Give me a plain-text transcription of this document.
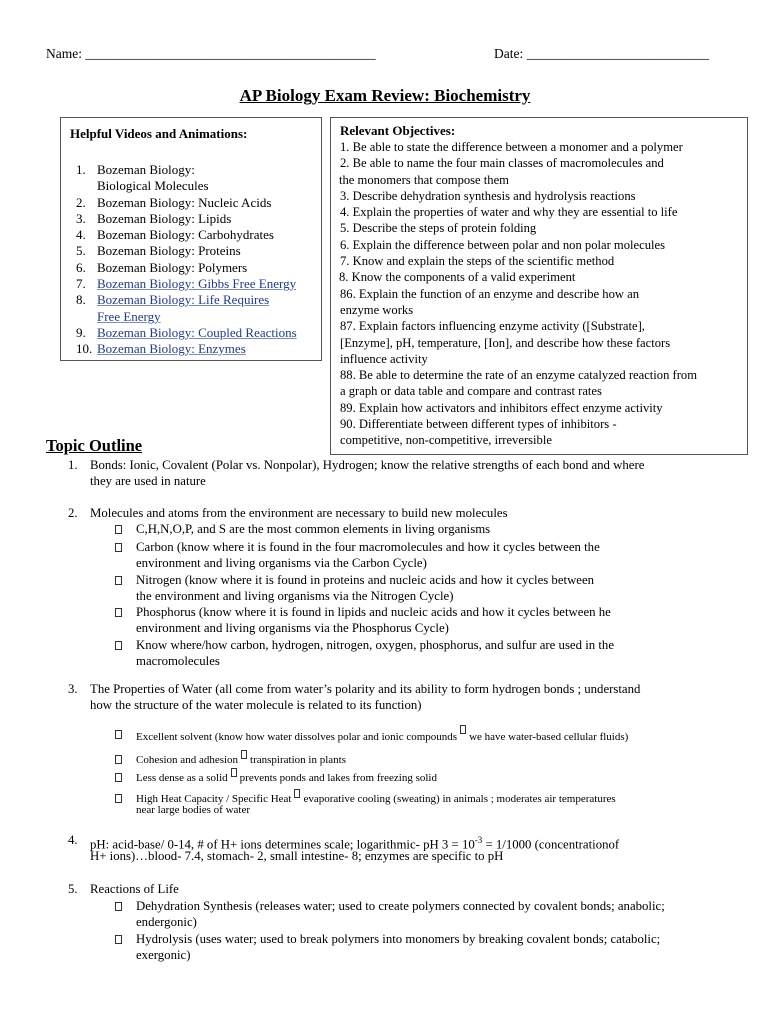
Name: ___________________________________________	Date: ___________________________
AP Biology Exam Review: Biochemistry
Helpful Videos and Animations:
1. Bozeman Biology:
Biological Molecules
2. Bozeman Biology: Nucleic Acids
3. Bozeman Biology: Lipids
4. Bozeman Biology: Carbohydrates
5. Bozeman Biology: Proteins
6. Bozeman Biology: Polymers
7. Bozeman Biology: Gibbs Free Energy
8. Bozeman Biology: Life Requires
Free Energy
9. Bozeman Biology: Coupled Reactions
10. Bozeman Biology: Enzymes
Relevant Objectives:
1. Be able to state the difference between a monomer and a polymer
2. Be able to name the four main classes of macromolecules and
the monomers that compose them
3. Describe dehydration synthesis and hydrolysis reactions
4. Explain the properties of water and why they are essential to life
5. Describe the steps of protein folding
6. Explain the difference between polar and non polar molecules
7. Know and explain the steps of the scientific method
8. Know the components of a valid experiment
86. Explain the function of an enzyme and describe how an
enzyme works
87. Explain factors influencing enzyme activity ([Substrate],
[Enzyme], pH, temperature, [Ion], and describe how these factors
influence activity
88. Be able to determine the rate of an enzyme catalyzed reaction from
a graph or data table and compare and contrast rates
89. Explain how activators and inhibitors effect enzyme activity
90. Differentiate between different types of inhibitors -
competitive, non-competitive, irreversible
Topic Outline
1. Bonds: Ionic, Covalent (Polar vs. Nonpolar), Hydrogen; know the relative strengths of each bond and where
they are used in nature
2. Molecules and atoms from the environment are necessary to build new molecules
C,H,N,O,P, and S are the most common elements in living organisms
Carbon (know where it is found in the four macromolecules and how it cycles between the
environment and living organisms via the Carbon Cycle)
Nitrogen (know where it is found in proteins and nucleic acids and how it cycles between
the environment and living organisms via the Nitrogen Cycle)
Phosphorus (know where it is found in lipids and nucleic acids and how it cycles between he
environment and living organisms via the Phosphorus Cycle)
Know where/how carbon, hydrogen, nitrogen, oxygen, phosphorus, and sulfur are used in the
macromolecules
3. The Properties of Water (all come from water’s polarity and its ability to form hydrogen bonds ; understand
how the structure of the water molecule is related to its function)
Excellent solvent (know how water dissolves polar and ionic compounds we have water-based cellular fluids)
Cohesion and adhesion transpiration in plants
Less dense as a solid prevents ponds and lakes from freezing solid
High Heat Capacity / Specific Heat evaporative cooling (sweating) in animals ; moderates air temperatures
near large bodies of water
4. pH: acid-base/ 0-14, # of H+ ions determines scale; logarithmic- pH $3 = 10^{-3} = 1/1000$ (concentrationof
H+ ions)…blood- 7.4, stomach- 2, small intestine- 8; enzymes are specific to pH
5. Reactions of Life
Dehydration Synthesis (releases water; used to create polymers connected by covalent bonds; anabolic;
endergonic)
Hydrolysis (uses water; used to break polymers into monomers by breaking covalent bonds; catabolic;
exergonic)
